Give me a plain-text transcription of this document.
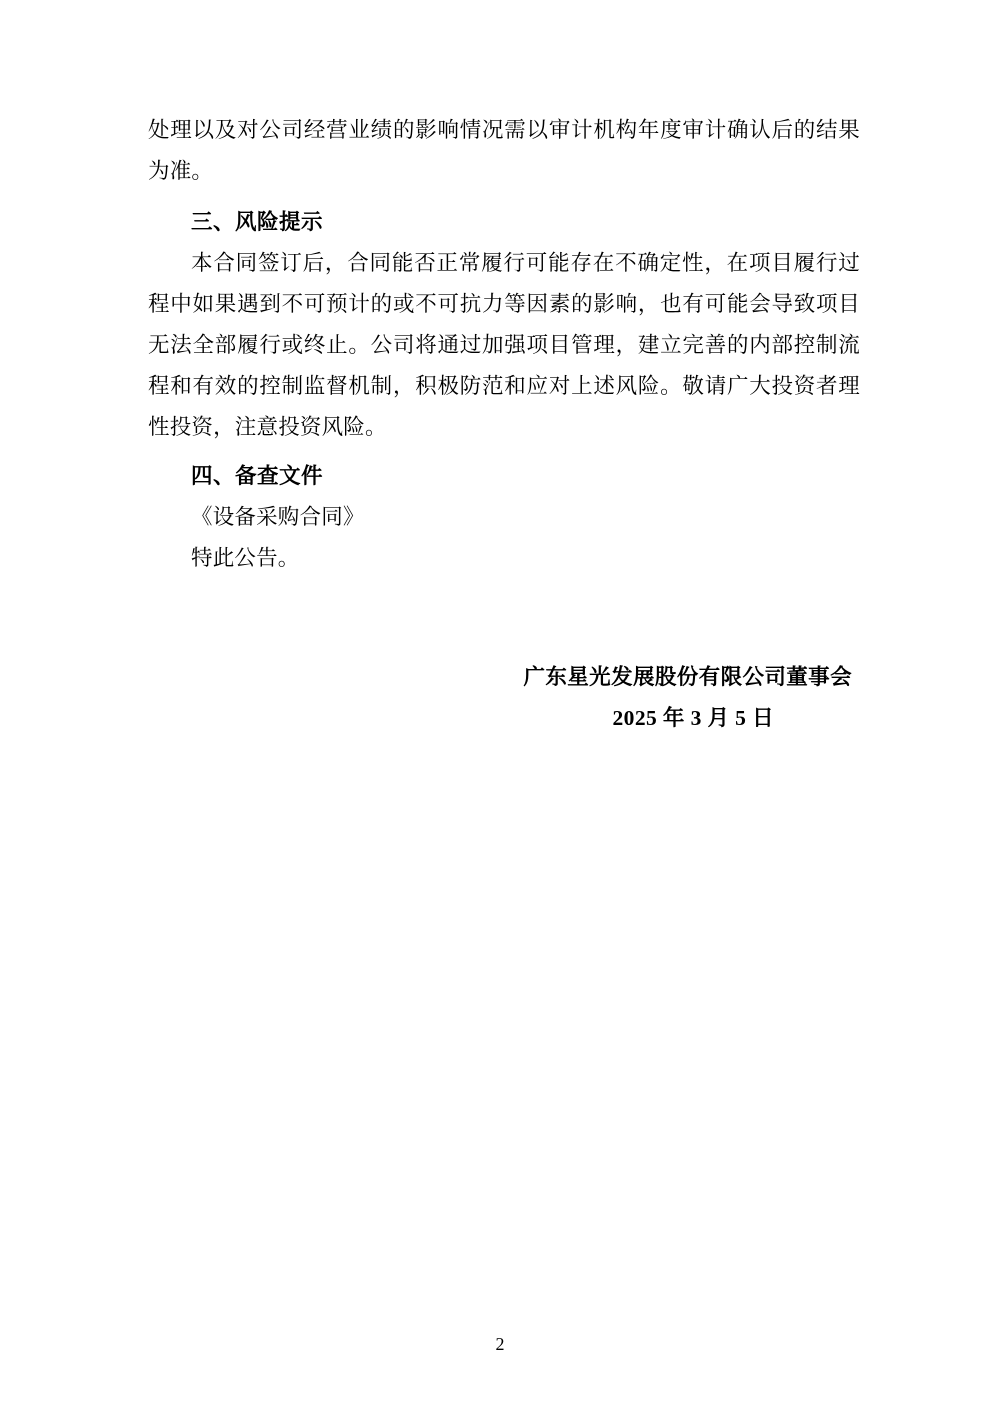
处理以及对公司经营业绩的影响情况需以审计机构年度审计确认后的结果为准。

三、风险提示

本合同签订后，合同能否正常履行可能存在不确定性，在项目履行过程中如果遇到不可预计的或不可抗力等因素的影响，也有可能会导致项目无法全部履行或终止。公司将通过加强项目管理，建立完善的内部控制流程和有效的控制监督机制，积极防范和应对上述风险。敬请广大投资者理性投资，注意投资风险。

四、备查文件

《设备采购合同》

特此公告。

广东星光发展股份有限公司董事会
2025 年 3 月 5 日
2
